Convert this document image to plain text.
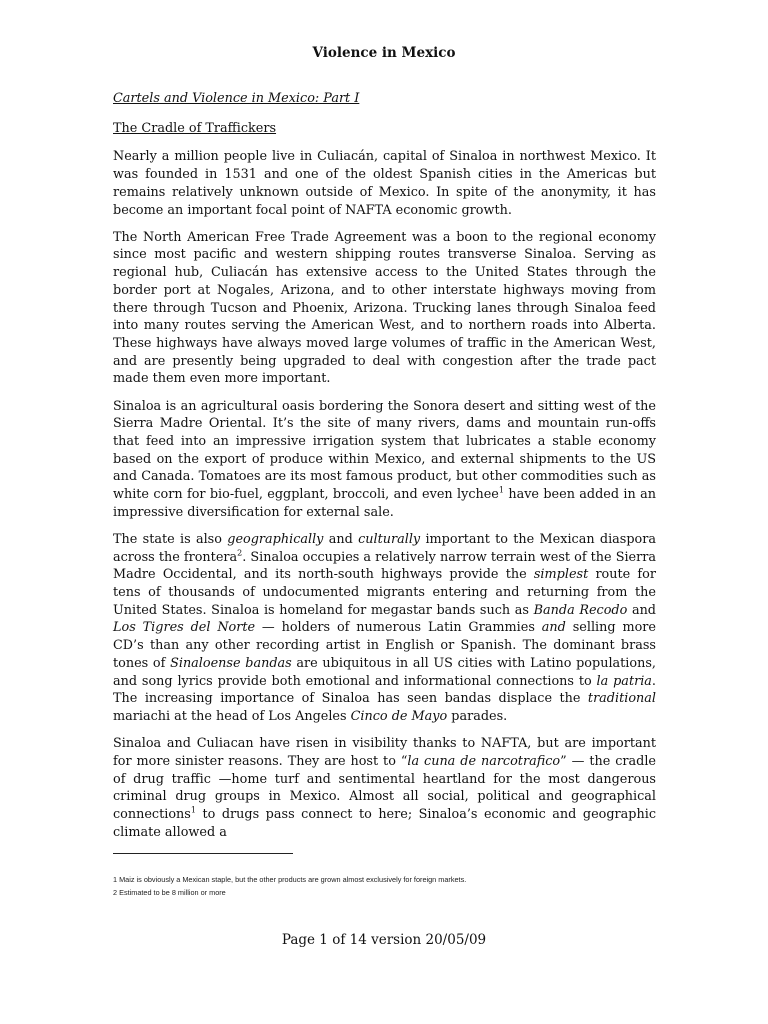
Violence in Mexico

Cartels and Violence in Mexico: Part I

The Cradle of Traffickers

Nearly a million people live in Culiacán, capital of Sinaloa in northwest Mexico. It was founded in 1531 and one of the oldest Spanish cities in the Americas but remains relatively unknown outside of Mexico. In spite of the anonymity, it has become an important focal point of NAFTA economic growth.

The North American Free Trade Agreement was a boon to the regional economy since most pacific and western shipping routes transverse Sinaloa. Serving as regional hub, Culiacán has extensive access to the United States through the border port at Nogales, Arizona, and to other interstate highways moving from there through Tucson and Phoenix, Arizona. Trucking lanes through Sinaloa feed into many routes serving the American West, and to northern roads into Alberta. These highways have always moved large volumes of traffic in the American West, and are presently being upgraded to deal with congestion after the trade pact made them even more important.

Sinaloa is an agricultural oasis bordering the Sonora desert and sitting west of the Sierra Madre Oriental. It’s the site of many rivers, dams and mountain run-offs that feed into an impressive irrigation system that lubricates a stable economy based on the export of produce within Mexico, and external shipments to the US and Canada. Tomatoes are its most famous product, but other commodities such as white corn for bio-fuel, eggplant, broccoli, and even lychee$^1$ have been added in an impressive diversification for external sale.

The state is also geographically and culturally important to the Mexican diaspora across the frontera$^2$. Sinaloa occupies a relatively narrow terrain west of the Sierra Madre Occidental, and its north-south highways provide the simplest route for tens of thousands of undocumented migrants entering and returning from the United States. Sinaloa is homeland for megastar bands such as Banda Recodo and Los Tigres del Norte — holders of numerous Latin Grammies and selling more CD’s than any other recording artist in English or Spanish. The dominant brass tones of Sinaloense bandas are ubiquitous in all US cities with Latino populations, and song lyrics provide both emotional and informational connections to la patria. The increasing importance of Sinaloa has seen bandas displace the traditional mariachi at the head of Los Angeles Cinco de Mayo parades.

Sinaloa and Culiacan have risen in visibility thanks to NAFTA, but are important for more sinister reasons. They are host to “la cuna de narcotrafico” — the cradle of drug traffic —home turf and sentimental heartland for the most dangerous criminal drug groups in Mexico. Almost all social, political and geographical connections$^1$ to drugs pass connect to here; Sinaloa’s economic and geographic climate allowed a

1 Maiz is obviously a Mexican staple, but the other products are grown almost exclusively for foreign markets.
2 Estimated to be 8 million or more
Page 1 of 14 version 20/05/09
